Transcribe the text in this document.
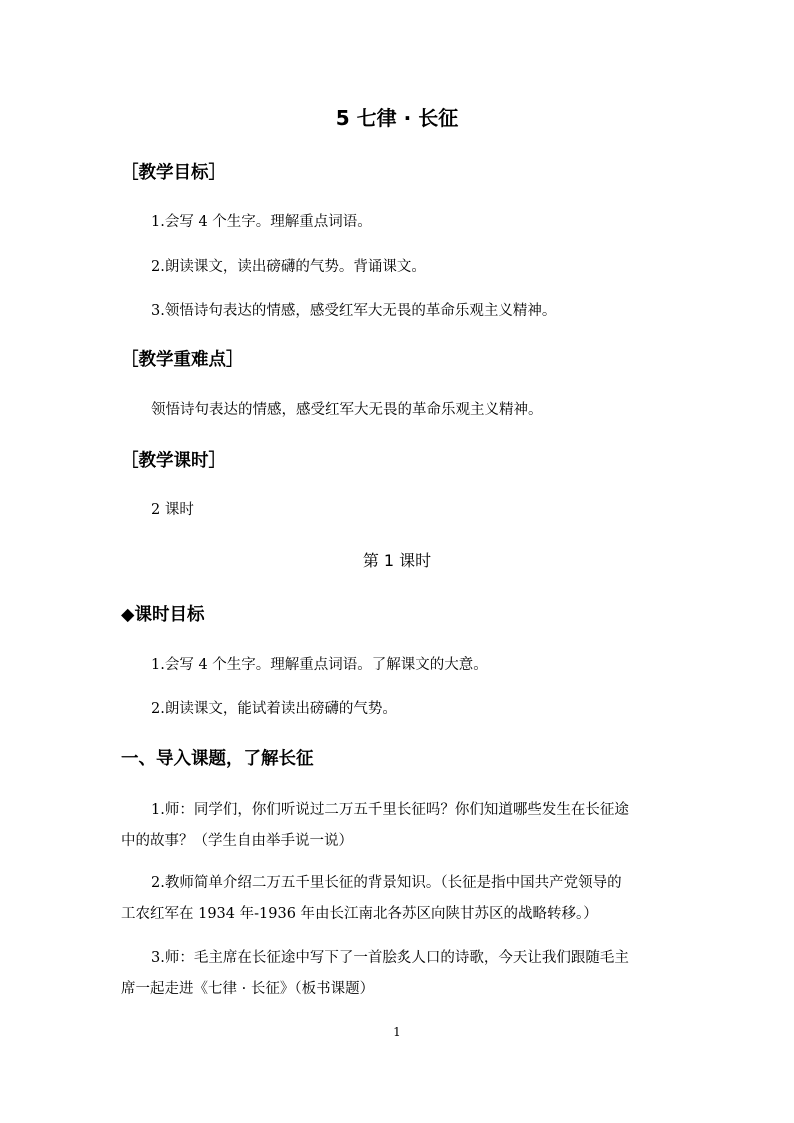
5 七律 · 长征
［教学目标］
1.会写 4 个生字。理解重点词语。
2.朗读课文，读出磅礴的气势。背诵课文。
3.领悟诗句表达的情感，感受红军大无畏的革命乐观主义精神。
［教学重难点］
领悟诗句表达的情感，感受红军大无畏的革命乐观主义精神。
［教学课时］
2 课时
第 1 课时
◆课时目标
1.会写 4 个生字。理解重点词语。了解课文的大意。
2.朗读课文，能试着读出磅礴的气势。
一、导入课题，了解长征
1.师：同学们，你们听说过二万五千里长征吗？你们知道哪些发生在长征途
中的故事？（学生自由举手说一说）
2.教师简单介绍二万五千里长征的背景知识。（长征是指中国共产党领导的
工农红军在 1934 年-1936 年由长江南北各苏区向陕甘苏区的战略转移。）
3.师：毛主席在长征途中写下了一首脍炙人口的诗歌，今天让我们跟随毛主
席一起走进《七律 · 长征》（板书课题）
1
